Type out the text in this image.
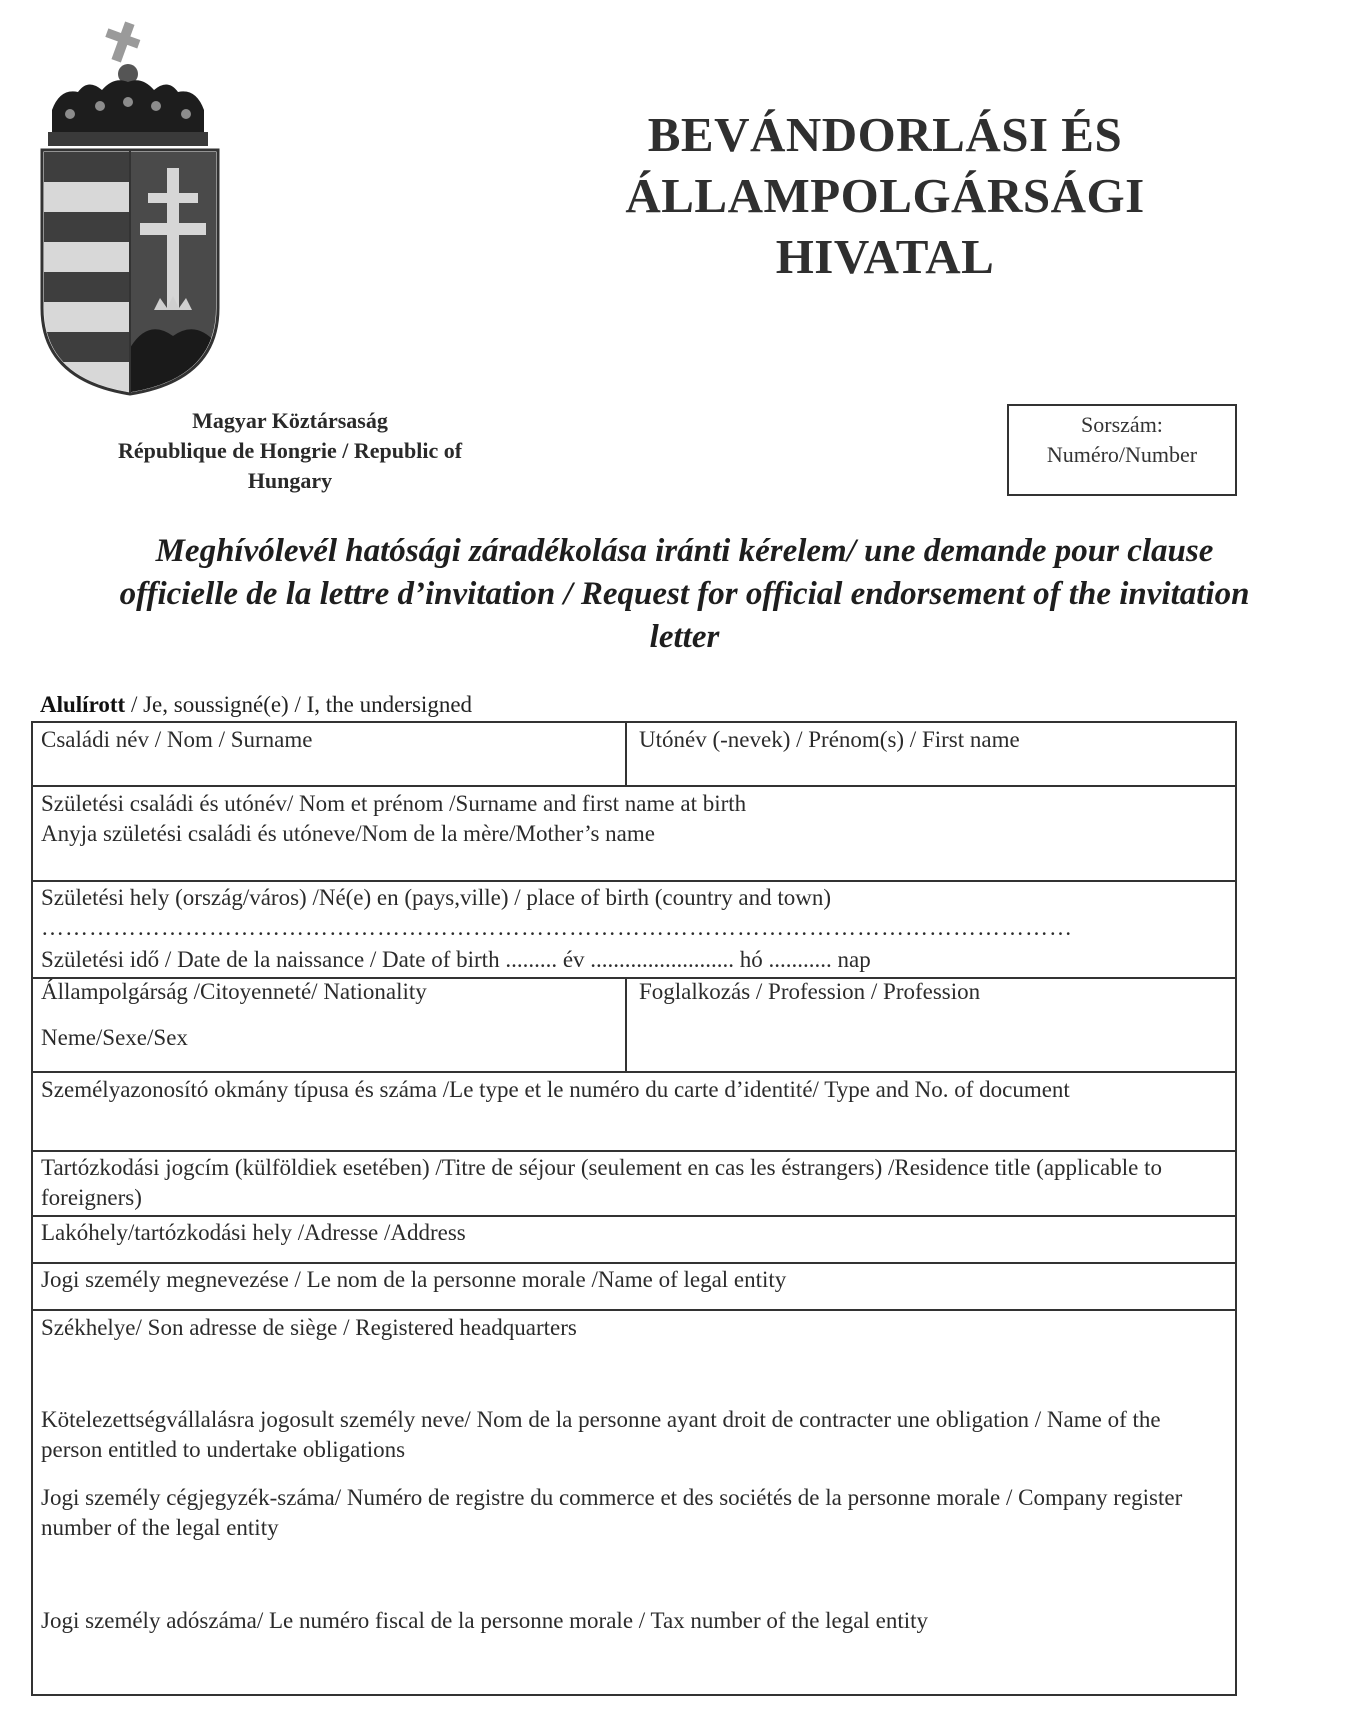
BEVÁNDORLÁSI ÉS
ÁLLAMPOLGÁRSÁGI
HIVATAL
Magyar Köztársaság
République de Hongrie / Republic of
Hungary
Sorszám:
Numéro/Number
Meghívólevél hatósági záradékolása iránti kérelem/ une demande pour clause
officielle de la lettre d’invitation / Request for official endorsement of the invitation
letter
Alulírott / Je, soussigné(e) / I, the undersigned
Családi név / Nom / Surname	Utónév (-nevek) / Prénom(s) / First name
Születési családi és utónév/ Nom et prénom /Surname and first name at birth
Anyja születési családi és utóneve/Nom de la mère/Mother’s name
Születési hely (ország/város) /Né(e) en (pays,ville) / place of birth (country and town)
…………………………………………………………………………………………………………………
Születési idő / Date de la naissance / Date of birth ......... év ......................... hó ........... nap
Állampolgárság /Citoyenneté/ Nationality
Neme/Sexe/Sex
Foglalkozás / Profession / Profession
Személyazonosító okmány típusa és száma /Le type et le numéro du carte d’identité/ Type and No. of document
Tartózkodási jogcím (külföldiek esetében) /Titre de séjour (seulement en cas les éstrangers) /Residence title (applicable to foreigners)
Lakóhely/tartózkodási hely /Adresse /Address
Jogi személy megnevezése / Le nom de la personne morale /Name of legal entity
Székhelye/ Son adresse de siège / Registered headquarters
Kötelezettségvállalásra jogosult személy neve/ Nom de la personne ayant droit de contracter une obligation / Name of the person entitled to undertake obligations
Jogi személy cégjegyzék-száma/ Numéro de registre du commerce et des sociétés de la personne morale / Company register number of the legal entity
Jogi személy adószáma/ Le numéro fiscal de la personne morale / Tax number of the legal entity
